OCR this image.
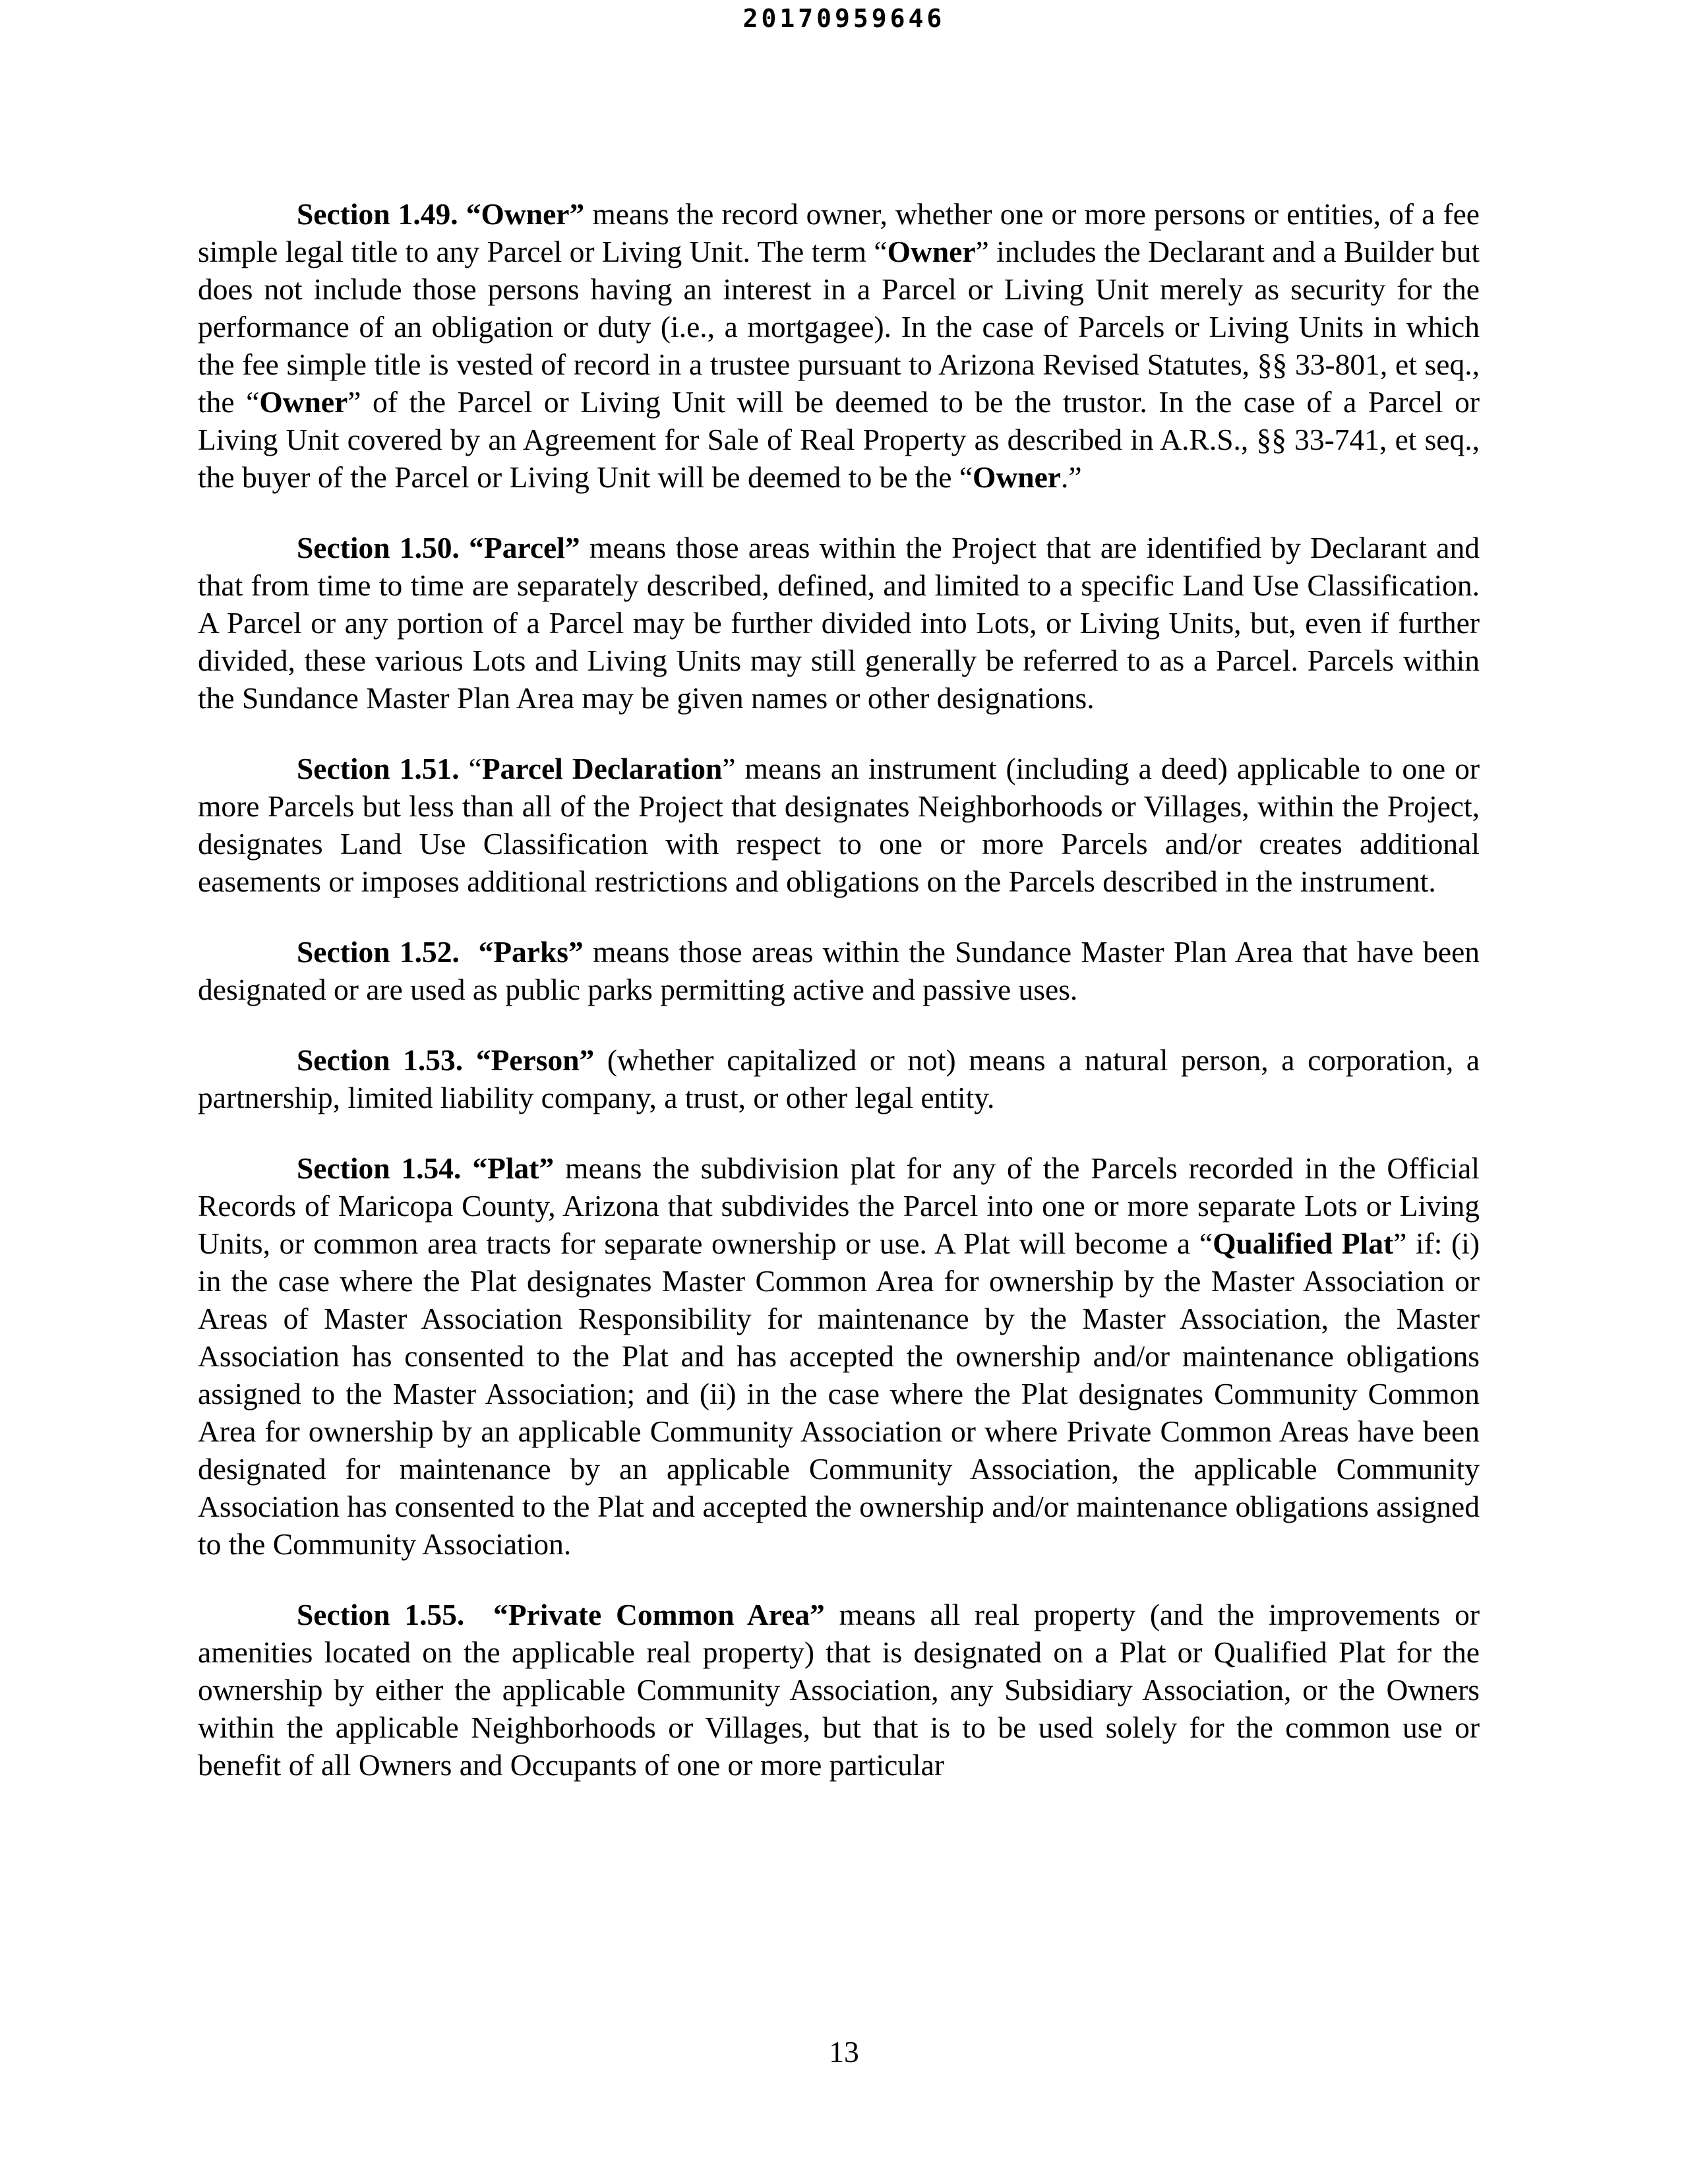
20170959646

Section 1.49. “Owner” means the record owner, whether one or more persons or entities, of a fee simple legal title to any Parcel or Living Unit. The term “Owner” includes the Declarant and a Builder but does not include those persons having an interest in a Parcel or Living Unit merely as security for the performance of an obligation or duty (i.e., a mortgagee). In the case of Parcels or Living Units in which the fee simple title is vested of record in a trustee pursuant to Arizona Revised Statutes, §§ 33-801, et seq., the “Owner” of the Parcel or Living Unit will be deemed to be the trustor. In the case of a Parcel or Living Unit covered by an Agreement for Sale of Real Property as described in A.R.S., §§ 33-741, et seq., the buyer of the Parcel or Living Unit will be deemed to be the “Owner.”

Section 1.50. “Parcel” means those areas within the Project that are identified by Declarant and that from time to time are separately described, defined, and limited to a specific Land Use Classification. A Parcel or any portion of a Parcel may be further divided into Lots, or Living Units, but, even if further divided, these various Lots and Living Units may still generally be referred to as a Parcel. Parcels within the Sundance Master Plan Area may be given names or other designations.

Section 1.51. “Parcel Declaration” means an instrument (including a deed) applicable to one or more Parcels but less than all of the Project that designates Neighborhoods or Villages, within the Project, designates Land Use Classification with respect to one or more Parcels and/or creates additional easements or imposes additional restrictions and obligations on the Parcels described in the instrument.

Section 1.52. “Parks” means those areas within the Sundance Master Plan Area that have been designated or are used as public parks permitting active and passive uses.

Section 1.53. “Person” (whether capitalized or not) means a natural person, a corporation, a partnership, limited liability company, a trust, or other legal entity.

Section 1.54. “Plat” means the subdivision plat for any of the Parcels recorded in the Official Records of Maricopa County, Arizona that subdivides the Parcel into one or more separate Lots or Living Units, or common area tracts for separate ownership or use. A Plat will become a “Qualified Plat” if: (i) in the case where the Plat designates Master Common Area for ownership by the Master Association or Areas of Master Association Responsibility for maintenance by the Master Association, the Master Association has consented to the Plat and has accepted the ownership and/or maintenance obligations assigned to the Master Association; and (ii) in the case where the Plat designates Community Common Area for ownership by an applicable Community Association or where Private Common Areas have been designated for maintenance by an applicable Community Association, the applicable Community Association has consented to the Plat and accepted the ownership and/or maintenance obligations assigned to the Community Association.

Section 1.55. “Private Common Area” means all real property (and the improvements or amenities located on the applicable real property) that is designated on a Plat or Qualified Plat for the ownership by either the applicable Community Association, any Subsidiary Association, or the Owners within the applicable Neighborhoods or Villages, but that is to be used solely for the common use or benefit of all Owners and Occupants of one or more particular

13
